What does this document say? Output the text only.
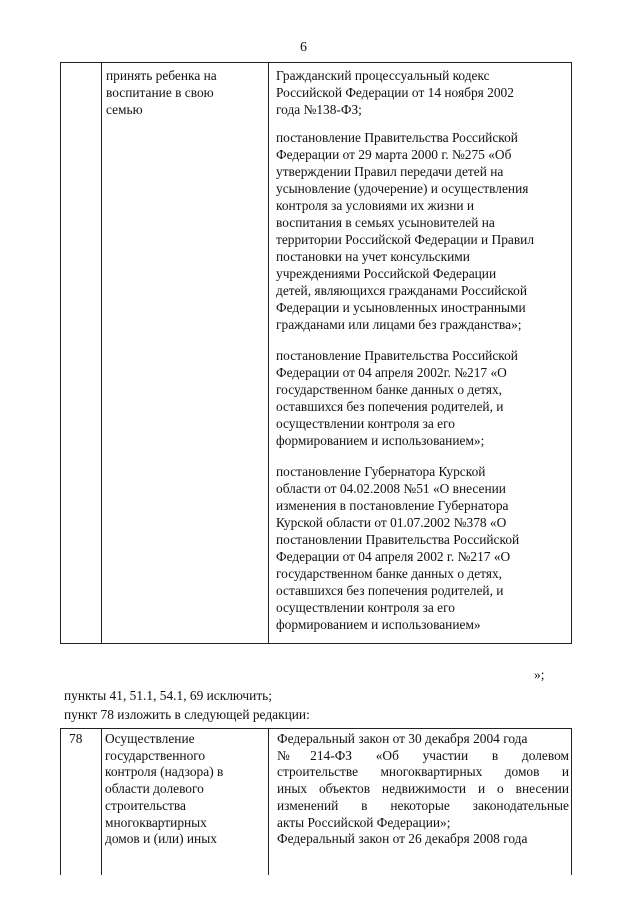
6
принять ребенка на
воспитание в свою
семью
Гражданский процессуальный кодекс
Российской Федерации от 14 ноября 2002
года №138-ФЗ;
постановление Правительства Российской
Федерации от 29 марта 2000 г. №275 «Об
утверждении Правил передачи детей на
усыновление (удочерение) и осуществления
контроля за условиями их жизни и
воспитания в семьях усыновителей на
территории Российской Федерации и Правил
постановки на учет консульскими
учреждениями Российской Федерации
детей, являющихся гражданами Российской
Федерации и усыновленных иностранными
гражданами или лицами без гражданства»;
постановление Правительства Российской
Федерации от 04 апреля 2002г. №217 «О
государственном банке данных о детях,
оставшихся без попечения родителей, и
осуществлении контроля за его
формированием и использованием»;
постановление Губернатора Курской
области от 04.02.2008 №51 «О внесении
изменения в постановление Губернатора
Курской области от 01.07.2002 №378 «О
постановлении Правительства Российской
Федерации от 04 апреля 2002 г. №217 «О
государственном банке данных о детях,
оставшихся без попечения родителей, и
осуществлении контроля за его
формированием и использованием»
»;
пункты 41, 51.1, 54.1, 69 исключить;
пункт 78 изложить в следующей редакции:
78 Осуществление
государственного
контроля (надзора) в
области долевого
строительства
многоквартирных
домов и (или) иных
Федеральный закон от 30 декабря 2004 года
№214-ФЗ «Об участии в долевом
строительстве многоквартирных домов и
иных объектов недвижимости и о внесении
изменений в некоторые законодательные
акты Российской Федерации»;
Федеральный закон от 26 декабря 2008 года
